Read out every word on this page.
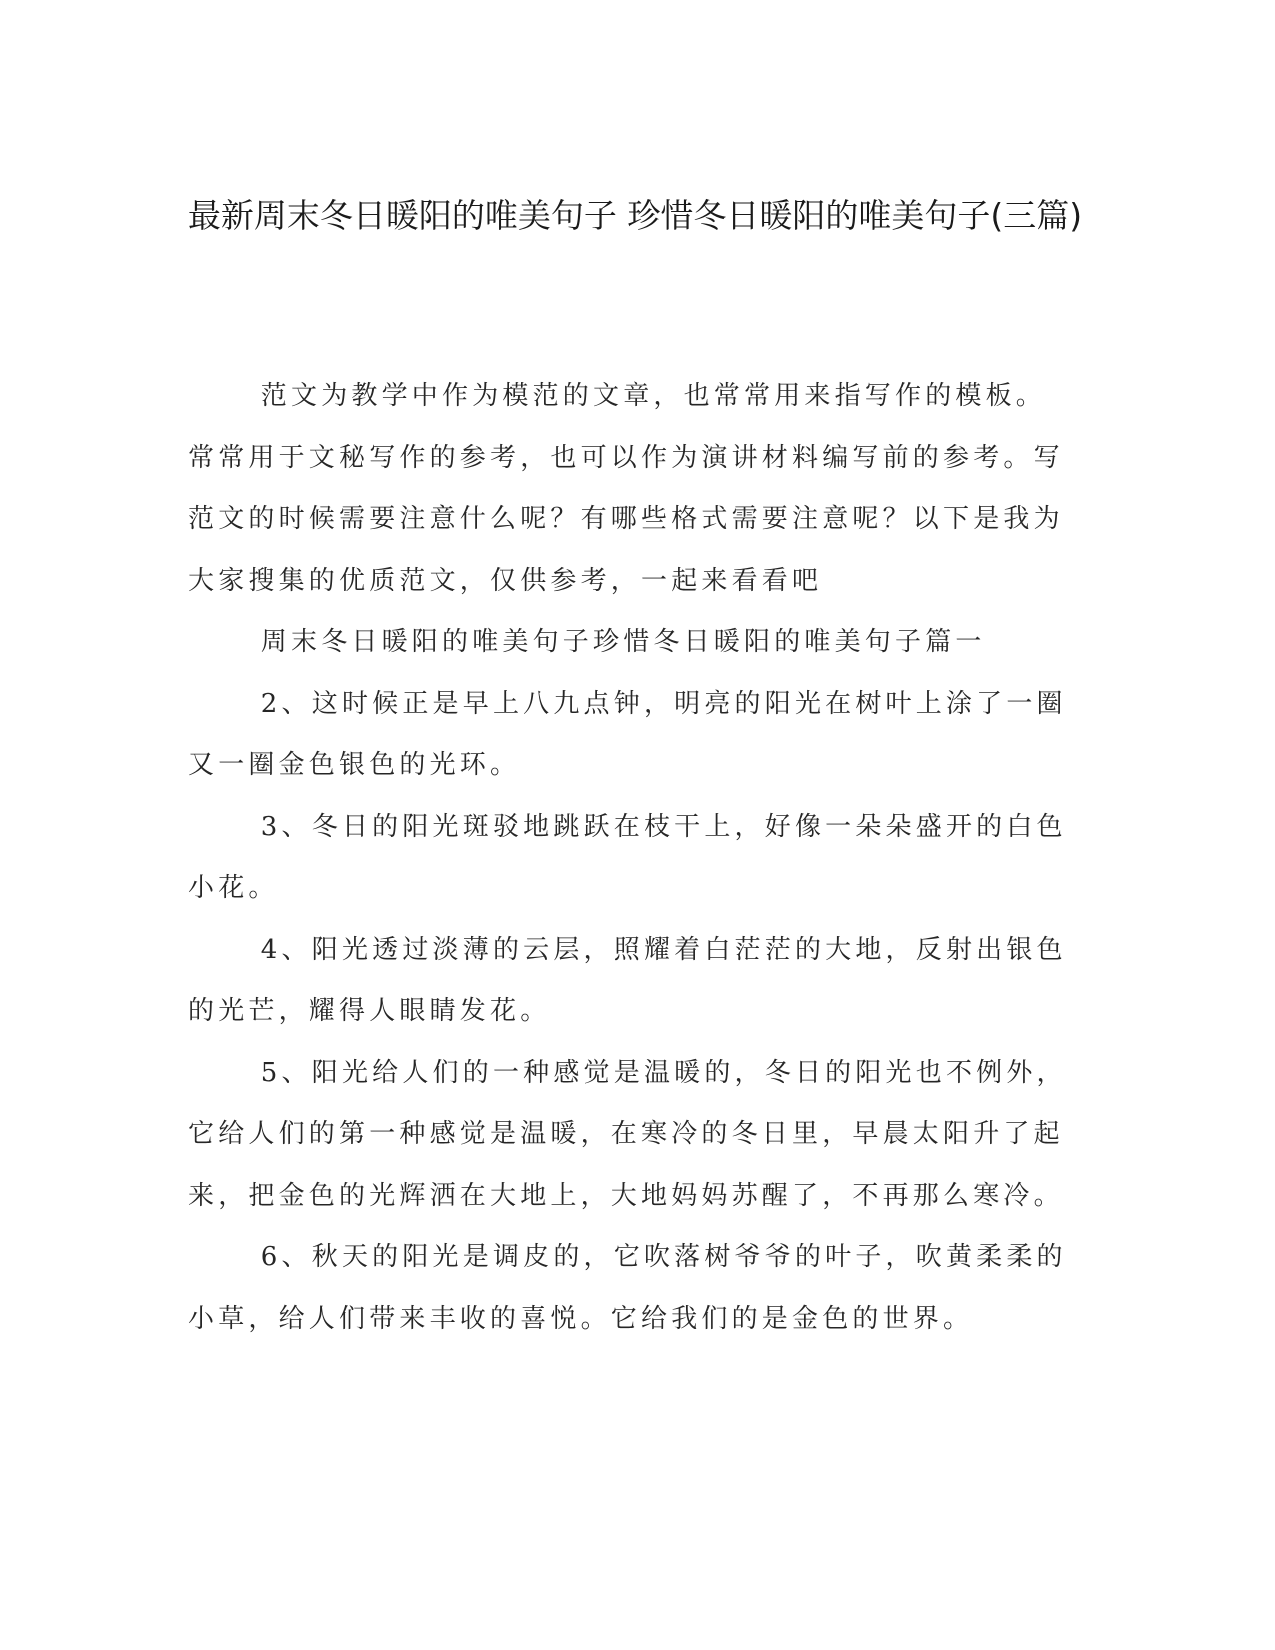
最新周末冬日暖阳的唯美句子 珍惜冬日暖阳的唯美句子(三篇)

范文为教学中作为模范的文章，也常常用来指写作的模板。常常用于文秘写作的参考，也可以作为演讲材料编写前的参考。写范文的时候需要注意什么呢？有哪些格式需要注意呢？以下是我为大家搜集的优质范文，仅供参考，一起来看看吧

周末冬日暖阳的唯美句子珍惜冬日暖阳的唯美句子篇一

2、这时候正是早上八九点钟，明亮的阳光在树叶上涂了一圈又一圈金色银色的光环。

3、冬日的阳光斑驳地跳跃在枝干上，好像一朵朵盛开的白色小花。

4、阳光透过淡薄的云层，照耀着白茫茫的大地，反射出银色的光芒，耀得人眼睛发花。

5、阳光给人们的一种感觉是温暖的，冬日的阳光也不例外，它给人们的第一种感觉是温暖，在寒冷的冬日里，早晨太阳升了起来，把金色的光辉洒在大地上，大地妈妈苏醒了，不再那么寒冷。

6、秋天的阳光是调皮的，它吹落树爷爷的叶子，吹黄柔柔的小草，给人们带来丰收的喜悦。它给我们的是金色的世界。
